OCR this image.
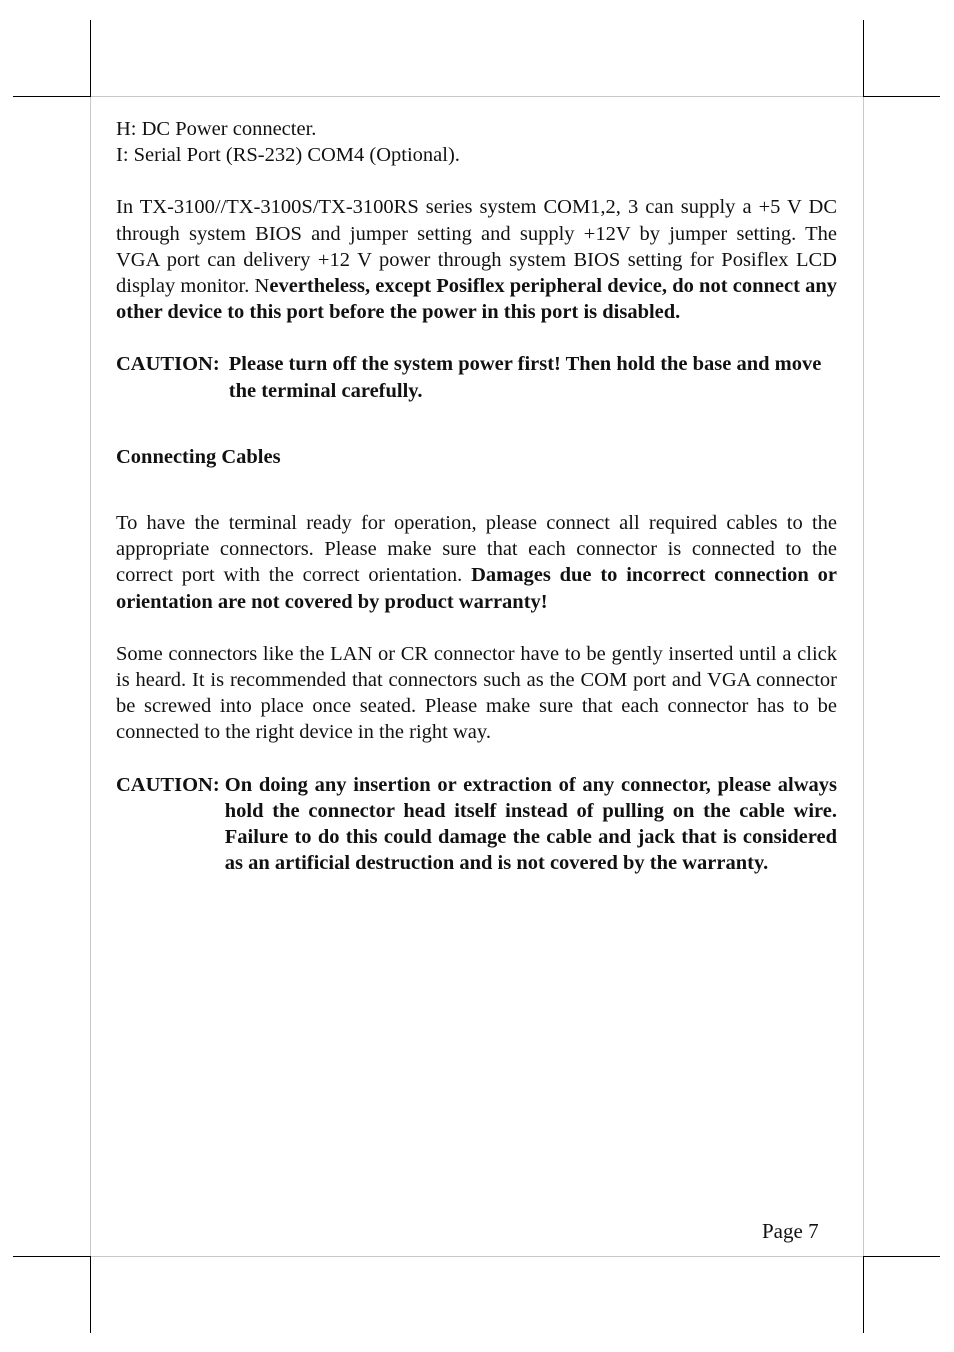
H: DC Power connecter.

I: Serial Port (RS-232) COM4 (Optional).

In TX-3100//TX-3100S/TX-3100RS series system COM1,2, 3 can supply a +5 V DC through system BIOS and jumper setting and supply +12V by jumper setting. The VGA port can delivery +12 V power through system BIOS setting for Posiflex LCD display monitor. Nevertheless, except Posiflex peripheral device, do not connect any other device to this port before the power in this port is disabled.

CAUTION: Please turn off the system power first! Then hold the base and move the terminal carefully.

Connecting Cables

To have the terminal ready for operation, please connect all required cables to the appropriate connectors. Please make sure that each connector is connected to the correct port with the correct orientation. Damages due to incorrect connection or orientation are not covered by product warranty!

Some connectors like the LAN or CR connector have to be gently inserted until a click is heard. It is recommended that connectors such as the COM port and VGA connector be screwed into place once seated. Please make sure that each connector has to be connected to the right device in the right way.

CAUTION: On doing any insertion or extraction of any connector, please always hold the connector head itself instead of pulling on the cable wire. Failure to do this could damage the cable and jack that is considered as an artificial destruction and is not covered by the warranty.
Page 7
